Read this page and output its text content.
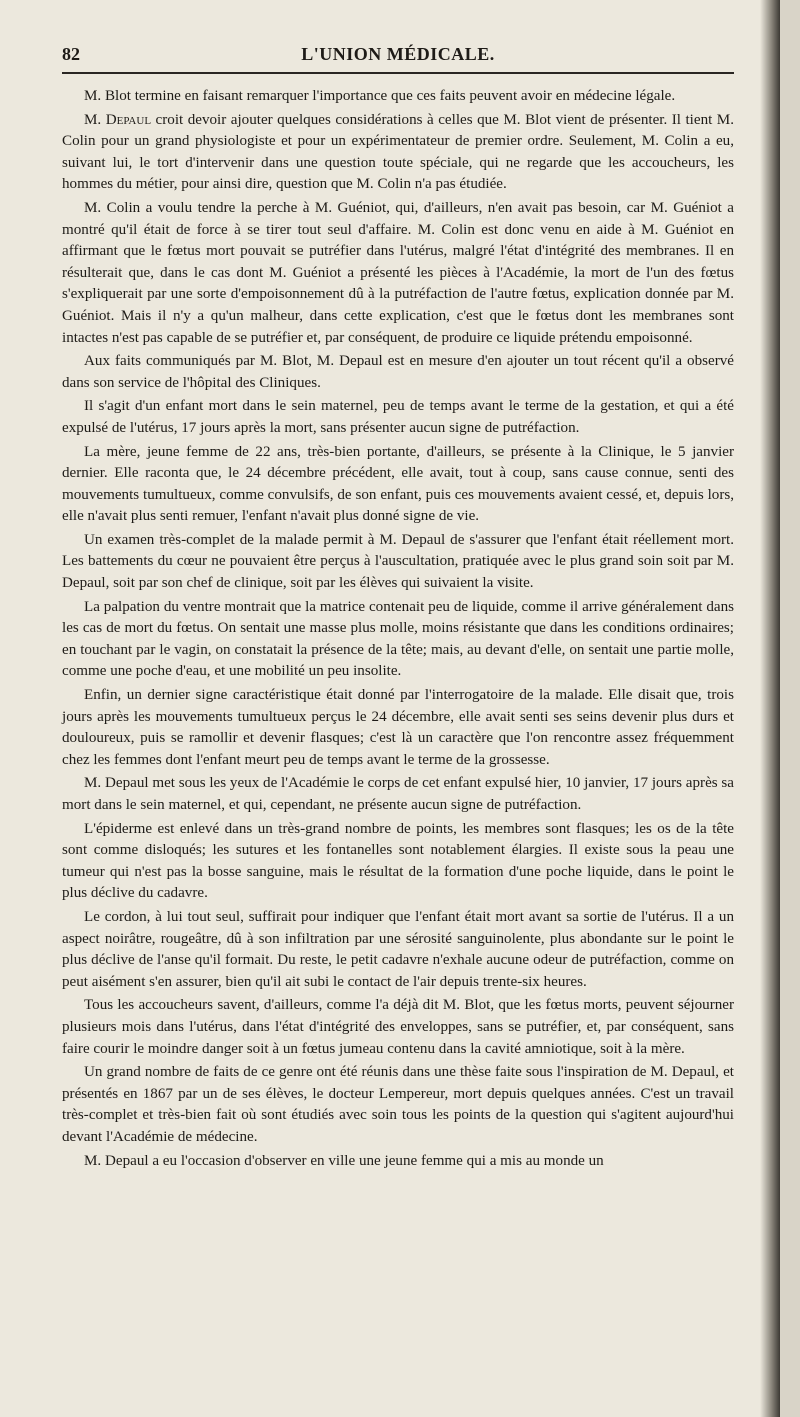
82	L'UNION MÉDICALE.

M. Blot termine en faisant remarquer l'importance que ces faits peuvent avoir en médecine légale.

M. Depaul croit devoir ajouter quelques considérations à celles que M. Blot vient de présenter. Il tient M. Colin pour un grand physiologiste et pour un expérimentateur de premier ordre. Seulement, M. Colin a eu, suivant lui, le tort d'intervenir dans une question toute spéciale, qui ne regarde que les accoucheurs, les hommes du métier, pour ainsi dire, question que M. Colin n'a pas étudiée.

M. Colin a voulu tendre la perche à M. Guéniot, qui, d'ailleurs, n'en avait pas besoin, car M. Guéniot a montré qu'il était de force à se tirer tout seul d'affaire. M. Colin est donc venu en aide à M. Guéniot en affirmant que le fœtus mort pouvait se putréfier dans l'utérus, malgré l'état d'intégrité des membranes. Il en résulterait que, dans le cas dont M. Guéniot a présenté les pièces à l'Académie, la mort de l'un des fœtus s'expliquerait par une sorte d'empoisonnement dû à la putréfaction de l'autre fœtus, explication donnée par M. Guéniot. Mais il n'y a qu'un malheur, dans cette explication, c'est que le fœtus dont les membranes sont intactes n'est pas capable de se putréfier et, par conséquent, de produire ce liquide prétendu empoisonné.

Aux faits communiqués par M. Blot, M. Depaul est en mesure d'en ajouter un tout récent qu'il a observé dans son service de l'hôpital des Cliniques.

Il s'agit d'un enfant mort dans le sein maternel, peu de temps avant le terme de la gestation, et qui a été expulsé de l'utérus, 17 jours après la mort, sans présenter aucun signe de putréfaction.

La mère, jeune femme de 22 ans, très-bien portante, d'ailleurs, se présente à la Clinique, le 5 janvier dernier. Elle raconta que, le 24 décembre précédent, elle avait, tout à coup, sans cause connue, senti des mouvements tumultueux, comme convulsifs, de son enfant, puis ces mouvements avaient cessé, et, depuis lors, elle n'avait plus senti remuer, l'enfant n'avait plus donné signe de vie.

Un examen très-complet de la malade permit à M. Depaul de s'assurer que l'enfant était réellement mort. Les battements du cœur ne pouvaient être perçus à l'auscultation, pratiquée avec le plus grand soin soit par M. Depaul, soit par son chef de clinique, soit par les élèves qui suivaient la visite.

La palpation du ventre montrait que la matrice contenait peu de liquide, comme il arrive généralement dans les cas de mort du fœtus. On sentait une masse plus molle, moins résistante que dans les conditions ordinaires; en touchant par le vagin, on constatait la présence de la tête; mais, au devant d'elle, on sentait une partie molle, comme une poche d'eau, et une mobilité un peu insolite.

Enfin, un dernier signe caractéristique était donné par l'interrogatoire de la malade. Elle disait que, trois jours après les mouvements tumultueux perçus le 24 décembre, elle avait senti ses seins devenir plus durs et douloureux, puis se ramollir et devenir flasques; c'est là un caractère que l'on rencontre assez fréquemment chez les femmes dont l'enfant meurt peu de temps avant le terme de la grossesse.

M. Depaul met sous les yeux de l'Académie le corps de cet enfant expulsé hier, 10 janvier, 17 jours après sa mort dans le sein maternel, et qui, cependant, ne présente aucun signe de putréfaction.

L'épiderme est enlevé dans un très-grand nombre de points, les membres sont flasques; les os de la tête sont comme disloqués; les sutures et les fontanelles sont notablement élargies. Il existe sous la peau une tumeur qui n'est pas la bosse sanguine, mais le résultat de la formation d'une poche liquide, dans le point le plus déclive du cadavre.

Le cordon, à lui tout seul, suffirait pour indiquer que l'enfant était mort avant sa sortie de l'utérus. Il a un aspect noirâtre, rougeâtre, dû à son infiltration par une sérosité sanguinolente, plus abondante sur le point le plus déclive de l'anse qu'il formait. Du reste, le petit cadavre n'exhale aucune odeur de putréfaction, comme on peut aisément s'en assurer, bien qu'il ait subi le contact de l'air depuis trente-six heures.

Tous les accoucheurs savent, d'ailleurs, comme l'a déjà dit M. Blot, que les fœtus morts, peuvent séjourner plusieurs mois dans l'utérus, dans l'état d'intégrité des enveloppes, sans se putréfier, et, par conséquent, sans faire courir le moindre danger soit à un fœtus jumeau contenu dans la cavité amniotique, soit à la mère.

Un grand nombre de faits de ce genre ont été réunis dans une thèse faite sous l'inspiration de M. Depaul, et présentés en 1867 par un de ses élèves, le docteur Lempereur, mort depuis quelques années. C'est un travail très-complet et très-bien fait où sont étudiés avec soin tous les points de la question qui s'agitent aujourd'hui devant l'Académie de médecine.

M. Depaul a eu l'occasion d'observer en ville une jeune femme qui a mis au monde un
